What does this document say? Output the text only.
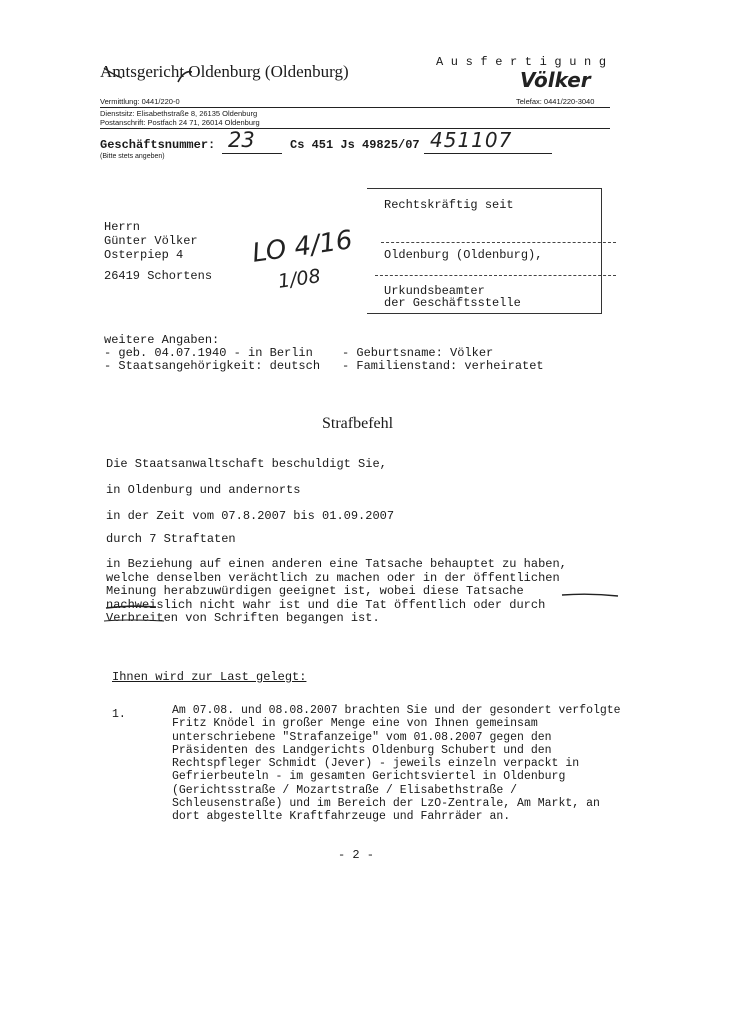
Amtsgericht Oldenburg (Oldenburg)	Ausfertigung
Völker
Vermittlung: 0441/220-0	Telefax: 0441/220-3040
Dienstsitz: Elisabethstraße 8, 26135 Oldenburg
Postanschrift: Postfach 24 71, 26014 Oldenburg
Geschäftsnummer: 23	Cs 451 Js 49825/07 451107
(Bitte stets angeben)
Rechtskräftig seit
Oldenburg (Oldenburg),
Urkundsbeamter
der Geschäftsstelle
Herrn
Günter Völker
Osterpiep 4
26419 Schortens
LO 4/16
1/08
weitere Angaben:
- geb. 04.07.1940 - in Berlin - Geburtsname: Völker
- Staatsangehörigkeit: deutsch - Familienstand: verheiratet
Strafbefehl
Die Staatsanwaltschaft beschuldigt Sie,
in Oldenburg und andernorts
in der Zeit vom 07.8.2007 bis 01.09.2007
durch 7 Straftaten
in Beziehung auf einen anderen eine Tatsache behauptet zu haben, welche denselben verächtlich zu machen oder in der öffentlichen Meinung herabzuwürdigen geeignet ist, wobei diese Tatsache nachweislich nicht wahr ist und die Tat öffentlich oder durch Verbreiten von Schriften begangen ist.
Ihnen wird zur Last gelegt:
1.	Am 07.08. und 08.08.2007 brachten Sie und der gesondert verfolgte Fritz Knödel in großer Menge eine von Ihnen gemeinsam unterschriebene "Strafanzeige" vom 01.08.2007 gegen den Präsidenten des Landgerichts Oldenburg Schubert und den Rechtspfleger Schmidt (Jever) - jeweils einzeln verpackt in Gefrierbeuteln - im gesamten Gerichtsviertel in Oldenburg (Gerichtsstraße / Mozartstraße / Elisabethstraße / Schleusenstraße) und im Bereich der LzO-Zentrale, Am Markt, an dort abgestellte Kraftfahrzeuge und Fahrräder an.
- 2 -
